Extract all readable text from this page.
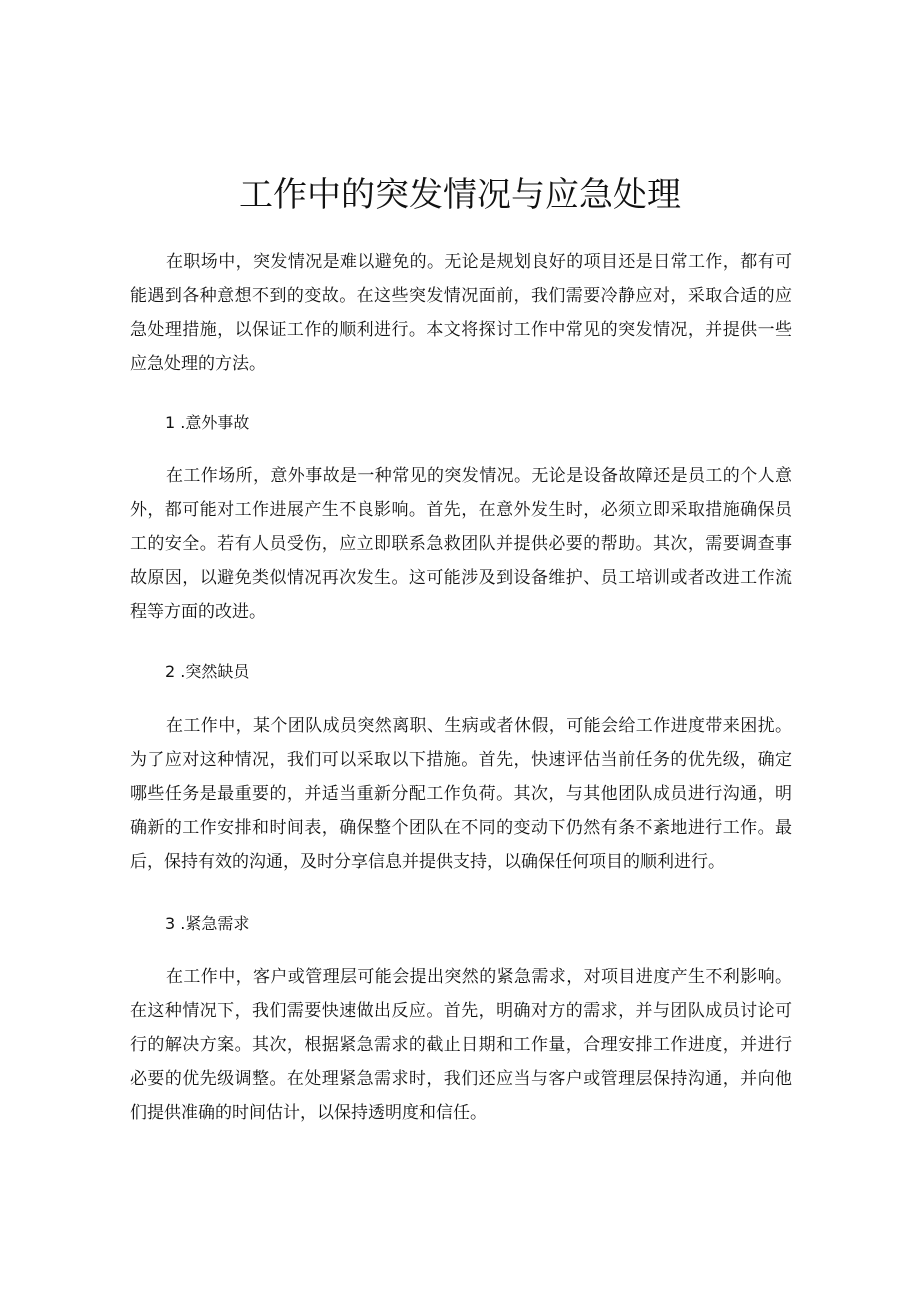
工作中的突发情况与应急处理

在职场中，突发情况是难以避免的。无论是规划良好的项目还是日常工作，都有可能遇到各种意想不到的变故。在这些突发情况面前，我们需要冷静应对，采取合适的应急处理措施，以保证工作的顺利进行。本文将探讨工作中常见的突发情况，并提供一些应急处理的方法。

1 .意外事故

在工作场所，意外事故是一种常见的突发情况。无论是设备故障还是员工的个人意外，都可能对工作进展产生不良影响。首先，在意外发生时，必须立即采取措施确保员工的安全。若有人员受伤，应立即联系急救团队并提供必要的帮助。其次，需要调查事故原因，以避免类似情况再次发生。这可能涉及到设备维护、员工培训或者改进工作流程等方面的改进。

2 .突然缺员

在工作中，某个团队成员突然离职、生病或者休假，可能会给工作进度带来困扰。为了应对这种情况，我们可以采取以下措施。首先，快速评估当前任务的优先级，确定哪些任务是最重要的，并适当重新分配工作负荷。其次，与其他团队成员进行沟通，明确新的工作安排和时间表，确保整个团队在不同的变动下仍然有条不紊地进行工作。最后，保持有效的沟通，及时分享信息并提供支持，以确保任何项目的顺利进行。

3 .紧急需求

在工作中，客户或管理层可能会提出突然的紧急需求，对项目进度产生不利影响。在这种情况下，我们需要快速做出反应。首先，明确对方的需求，并与团队成员讨论可行的解决方案。其次，根据紧急需求的截止日期和工作量，合理安排工作进度，并进行必要的优先级调整。在处理紧急需求时，我们还应当与客户或管理层保持沟通，并向他们提供准确的时间估计，以保持透明度和信任。
